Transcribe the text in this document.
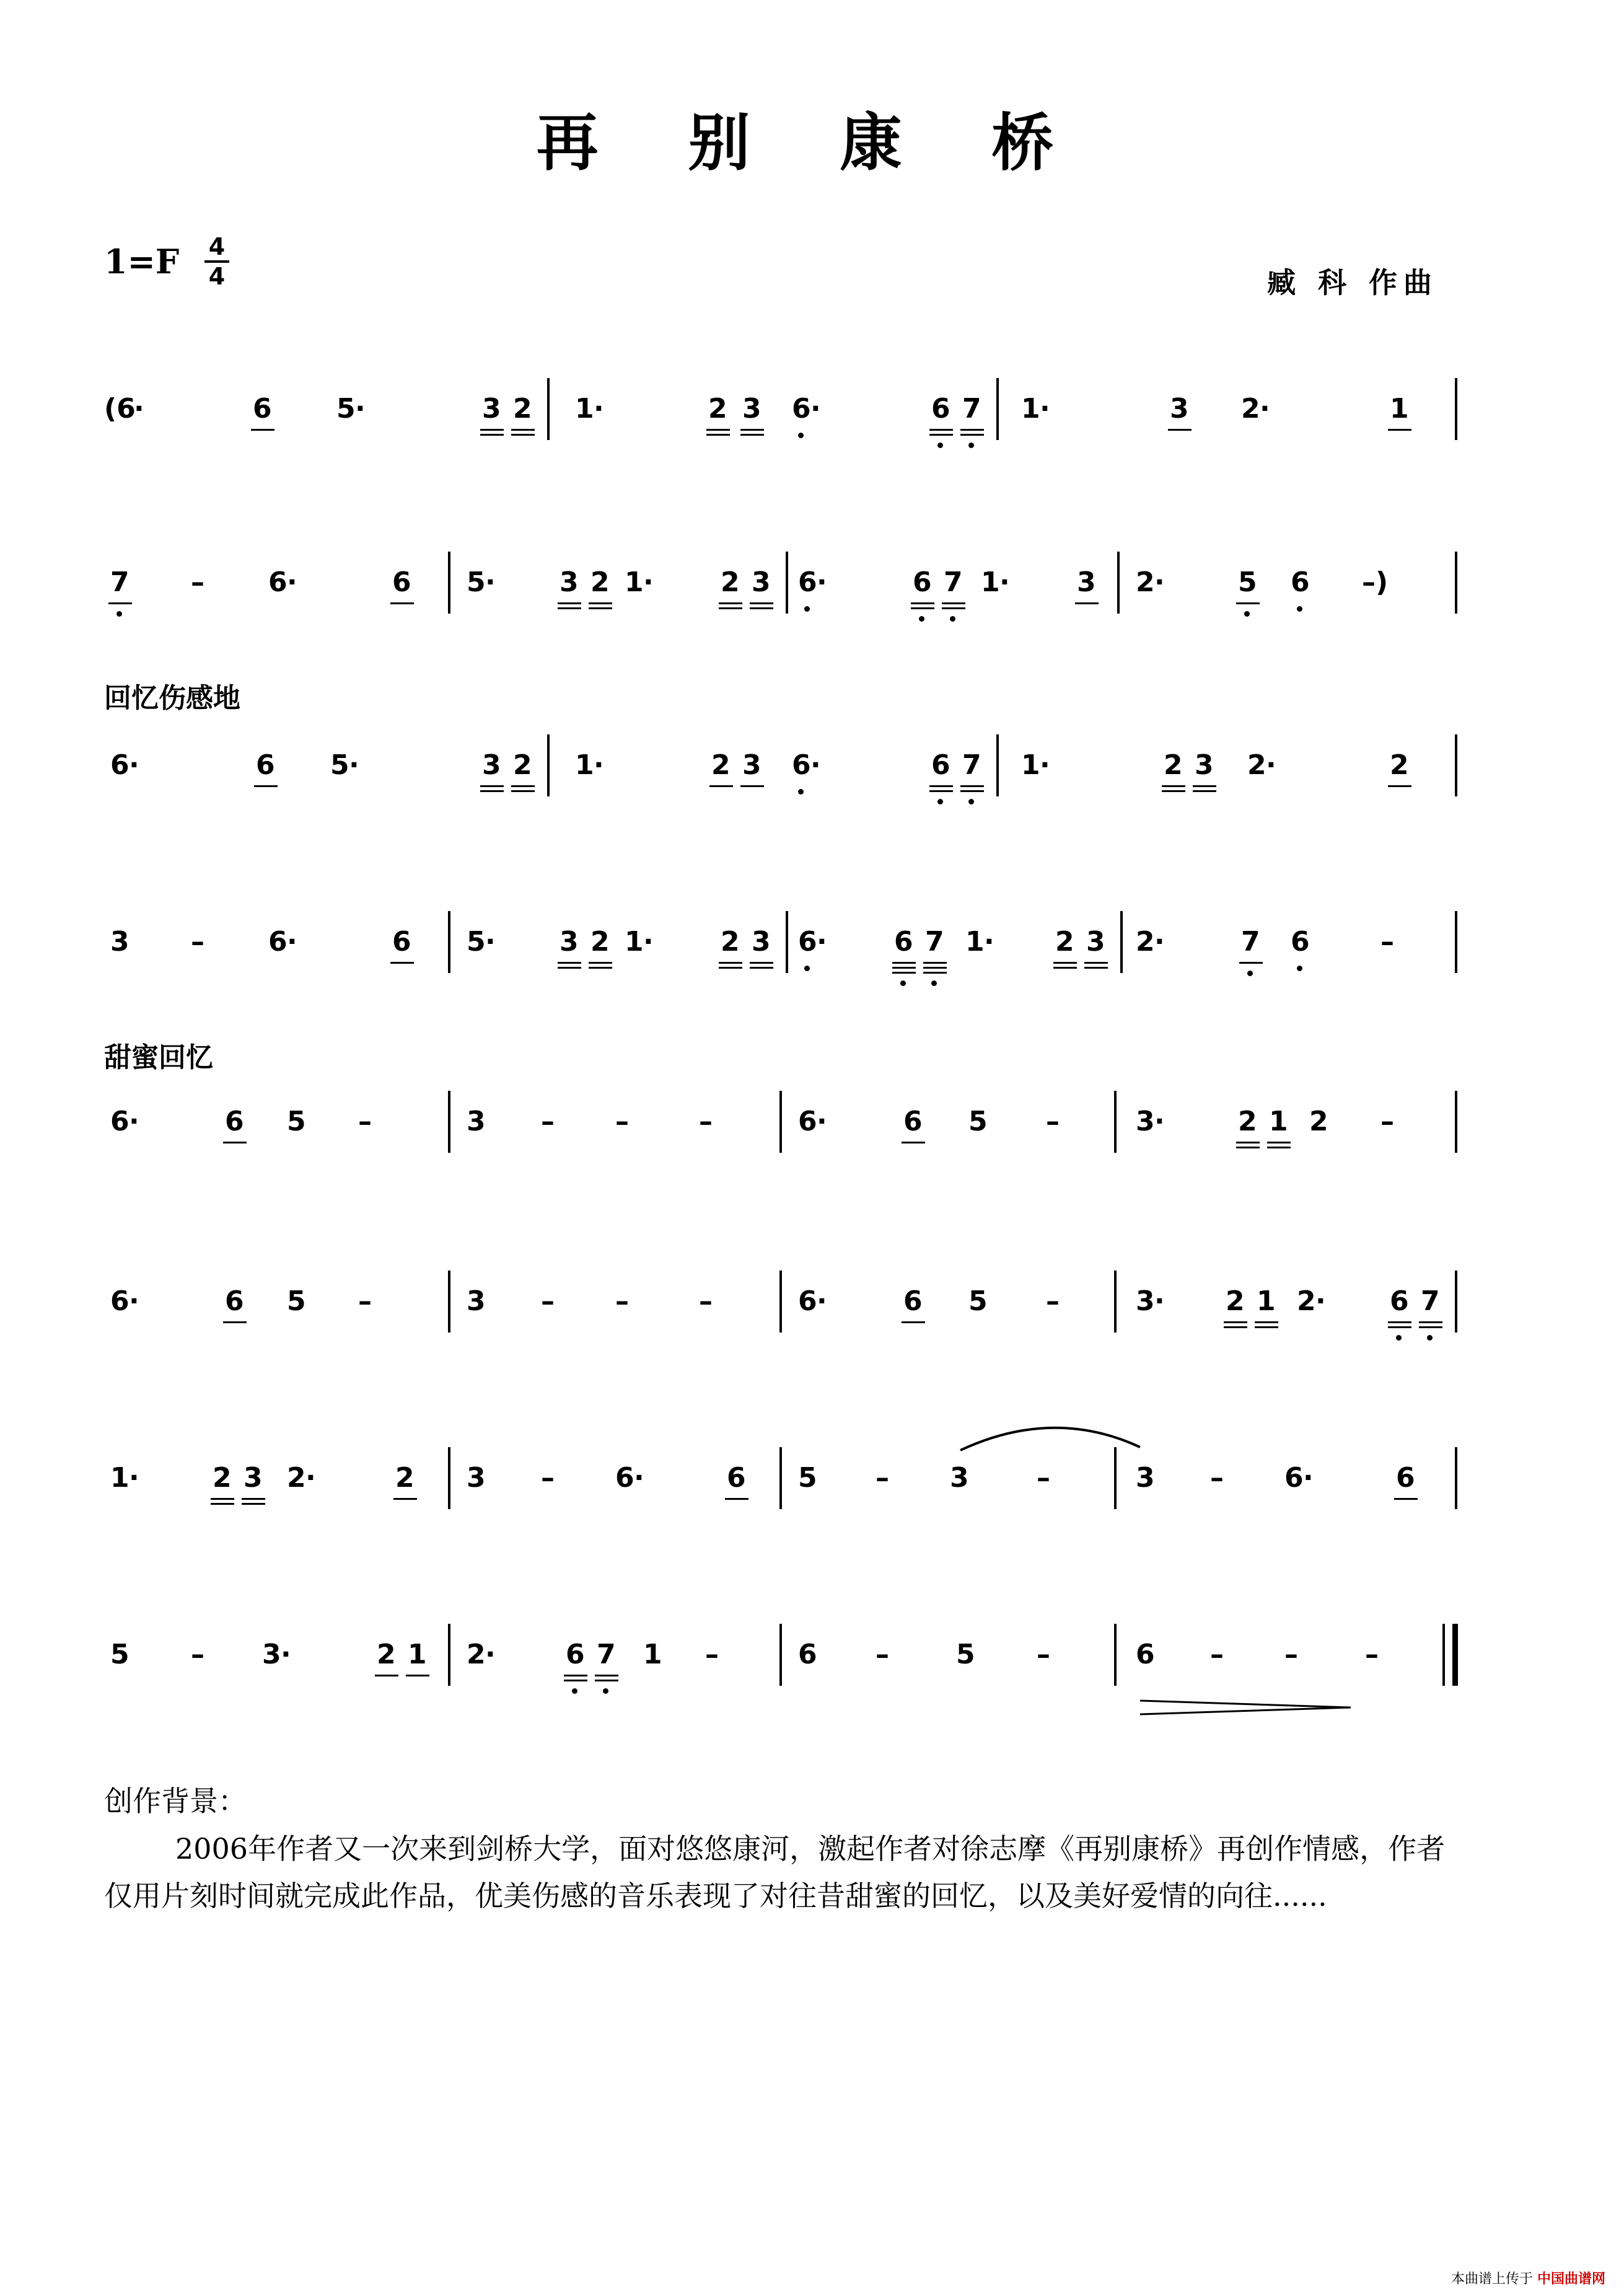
再 别 康 桥
1=F 4
4	臧 科 作曲
回忆伤感地
甜蜜回忆
(6
·	6 5 ·	3 2 1 ·	2 3 6 ·	6 7 1 ·	3 2 ·	1
7 – 6 ·	6 5 · 3 2 1 · 2 3 6 ·	6 7 1 · 3 2 ·	5 6 –)
6 ·	6 5 ·	3 2 1 ·	2 3 6 ·	6 7 1 ·	2 3 2 ·	2
3 – 6 ·	6 5 · 3 2 1 · 2 3 6 · 6 7 1 · 2 3 2 ·	7 6	–
6 ·	6 5 –	3 – –	–	6 ·	6 5 –	3 ·	2 1 2 –
6 ·	6 5 –	3 – –	–	6 ·	6 5 –	3 · 2 1 2 · 6 7
1 ·	2 3 2 ·	2 3 – 6 ·	6 5 – 3 –	3 – 6 ·	6
5 – 3 ·	2 1 2 ·	6 7 1 –	6 – 5 –	6 – – –
创作背景：
2006年作者又一次来到剑桥大学，面对悠悠康河，激起作者对徐志摩《再别康桥》再创作情感，作者仅用片刻时间就完成此作品，优美伤感的音乐表现了对往昔甜蜜的回忆，以及美好爱情的向往......
本曲谱上传于 中国曲谱网
